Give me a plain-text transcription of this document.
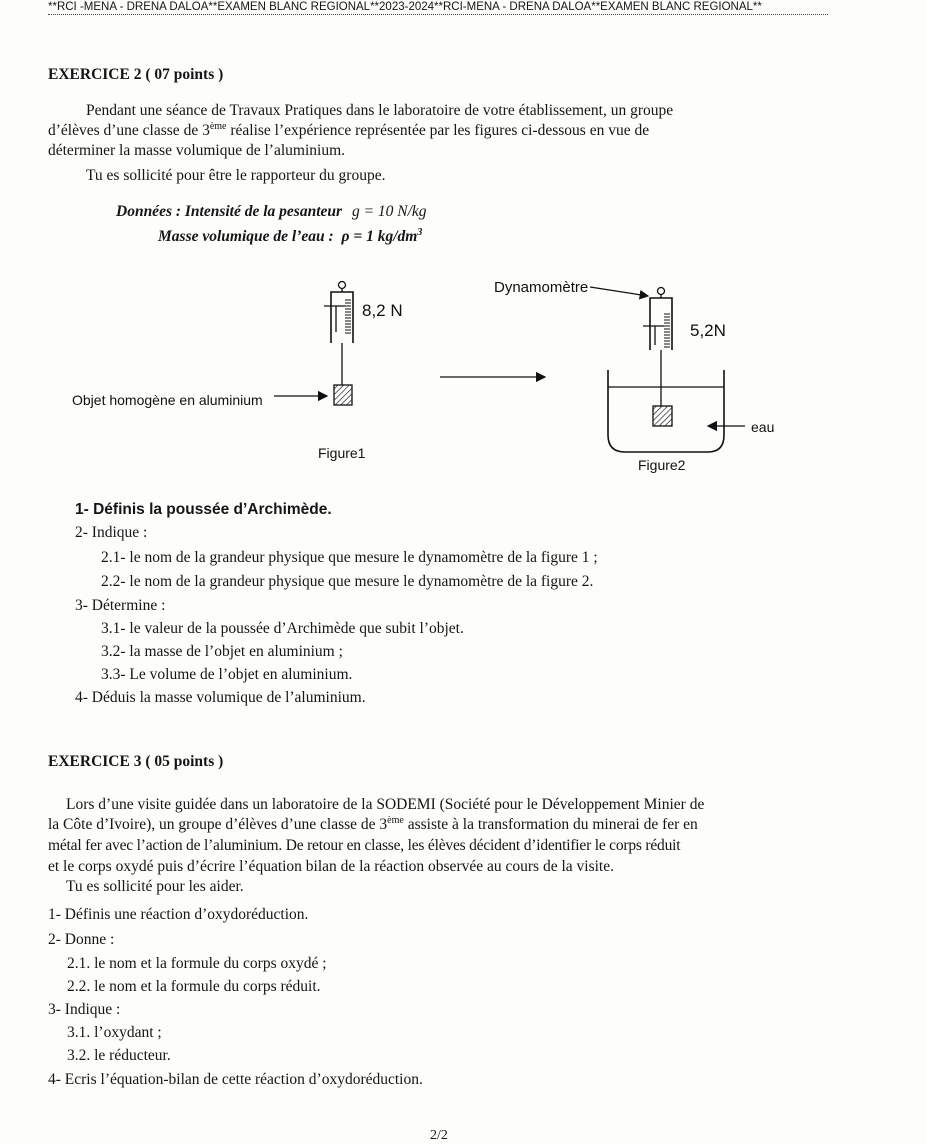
**RCI -MENA - DRENA DALOA**EXAMEN BLANC REGIONAL**2023-2024**RCI-MENA - DRENA DALOA**EXAMEN BLANC REGIONAL**
EXERCICE 2 ( 07 points )
Pendant une séance de Travaux Pratiques dans le laboratoire de votre établissement, un groupe
d’élèves d’une classe de 3ème réalise l’expérience représentée par les figures ci-dessous en vue de
déterminer la masse volumique de l’aluminium.
Tu es sollicité pour être le rapporteur du groupe.
Données : Intensité de la pesanteur g = 10 N/kg
Masse volumique de l’eau : ρ = 1 $kg/dm^3$
8,2 N
Objet homogène en aluminium
Figure1
Dynamomètre
5,2N
eau
Figure2
1- Définis la poussée d’Archimède.
2- Indique :
2.1- le nom de la grandeur physique que mesure le dynamomètre de la figure 1 ;
2.2- le nom de la grandeur physique que mesure le dynamomètre de la figure 2.
3- Détermine :
3.1- le valeur de la poussée d’Archimède que subit l’objet.
3.2- la masse de l’objet en aluminium ;
3.3- Le volume de l’objet en aluminium.
4- Déduis la masse volumique de l’aluminium.
EXERCICE 3 ( 05 points )
Lors d’une visite guidée dans un laboratoire de la SODEMI (Société pour le Développement Minier de
la Côte d’Ivoire), un groupe d’élèves d’une classe de 3ème assiste à la transformation du minerai de fer en
métal fer avec l’action de l’aluminium. De retour en classe, les élèves décident d’identifier le corps réduit
et le corps oxydé puis d’écrire l’équation bilan de la réaction observée au cours de la visite.
Tu es sollicité pour les aider.
1- Définis une réaction d’oxydoréduction.
2- Donne :
2.1. le nom et la formule du corps oxydé ;
2.2. le nom et la formule du corps réduit.
3- Indique :
3.1. l’oxydant ;
3.2. le réducteur.
4- Ecris l’équation-bilan de cette réaction d’oxydoréduction.
2/2
